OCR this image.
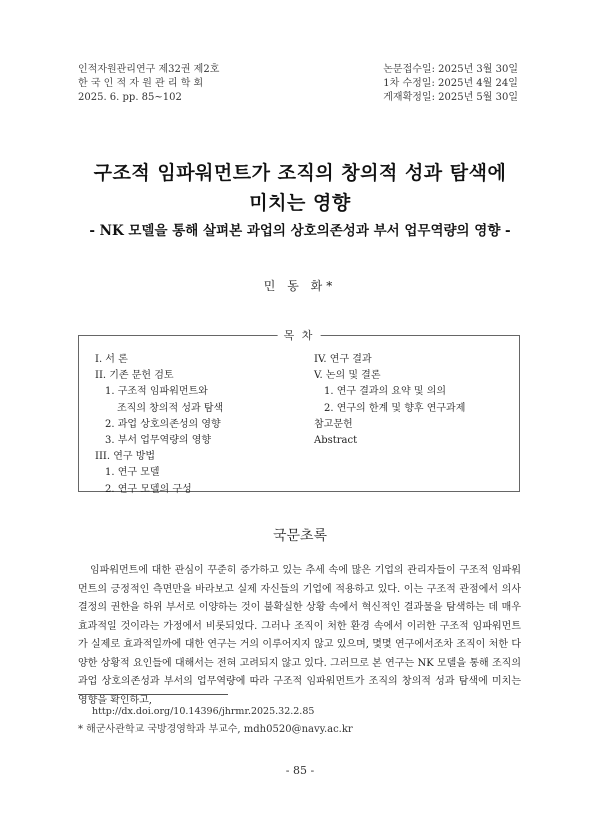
인적자원관리연구 제32권 제2호
한 국 인 적 자 원 관 리 학 회
2025. 6. pp. 85~102
논문접수일: 2025년 3월 30일
1차 수정일: 2025년 4월 24일
게재확정일: 2025년 5월 30일
구조적 임파워먼트가 조직의 창의적 성과 탐색에
미치는 영향
- NK 모델을 통해 살펴본 과업의 상호의존성과 부서 업무역량의 영향 -
민 동 화*
목 차
I. 서 론
II. 기존 문헌 검토
1. 구조적 임파워먼트와
조직의 창의적 성과 탐색
2. 과업 상호의존성의 영향
3. 부서 업무역량의 영향
III. 연구 방법
1. 연구 모델
2. 연구 모델의 구성
IV. 연구 결과
V. 논의 및 결론
1. 연구 결과의 요약 및 의의
2. 연구의 한계 및 향후 연구과제
참고문헌
Abstract
국문초록
임파워먼트에 대한 관심이 꾸준히 증가하고 있는 추세 속에 많은 기업의 관리자들이 구조적 임파워먼트의 긍정적인 측면만을 바라보고 실제 자신들의 기업에 적용하고 있다. 이는 구조적 관점에서 의사결정의 권한을 하위 부서로 이양하는 것이 불확실한 상황 속에서 혁신적인 결과물을 탐색하는 데 매우 효과적일 것이라는 가정에서 비롯되었다. 그러나 조직이 처한 환경 속에서 이러한 구조적 임파워먼트가 실제로 효과적일까에 대한 연구는 거의 이루어지지 않고 있으며, 몇몇 연구에서조차 조직이 처한 다양한 상황적 요인들에 대해서는 전혀 고려되지 않고 있다. 그러므로 본 연구는 NK 모델을 통해 조직의 과업 상호의존성과 부서의 업무역량에 따라 구조적 임파워먼트가 조직의 창의적 성과 탐색에 미치는 영향을 확인하고,
http://dx.doi.org/10.14396/jhrmr.2025.32.2.85
* 해군사관학교 국방경영학과 부교수, mdh0520@navy.ac.kr
- 85 -
